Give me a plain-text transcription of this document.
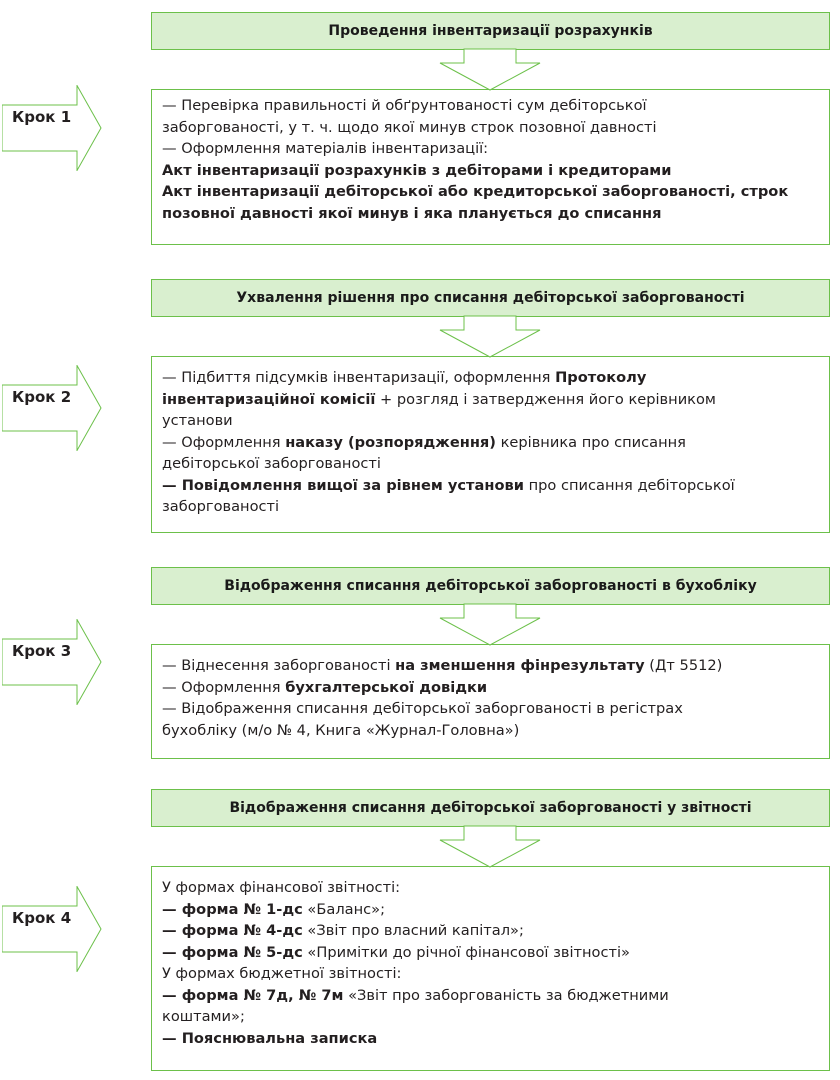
Проведення інвентаризації розрахунків
— Перевірка правильності й обґрунтованості сум дебіторської
заборгованості, у т. ч. щодо якої минув строк позовної давності
— Оформлення матеріалів інвентаризації:
Акт інвентаризації розрахунків з дебіторами і кредиторами
Акт інвентаризації дебіторської або кредиторської заборгованості, строк
позовної давності якої минув і яка планується до списання
Крок 1
Ухвалення рішення про списання дебіторської заборгованості
— Підбиття підсумків інвентаризації, оформлення Протоколу
інвентаризаційної комісії + розгляд і затвердження його керівником
установи
— Оформлення наказу (розпорядження) керівника про списання
дебіторської заборгованості
— Повідомлення вищої за рівнем установи про списання дебіторської
заборгованості
Крок 2
Відображення списання дебіторської заборгованості в бухобліку
— Віднесення заборгованості на зменшення фінрезультату (Дт 5512)
— Оформлення бухгалтерської довідки
— Відображення списання дебіторської заборгованості в регістрах
бухобліку (м/о № 4, Книга «Журнал-Головна»)
Крок 3
Відображення списання дебіторської заборгованості у звітності
У формах фінансової звітності:
— форма № 1-дс «Баланс»;
— форма № 4-дс «Звіт про власний капітал»;
— форма № 5-дс «Примітки до річної фінансової звітності»
У формах бюджетної звітності:
— форма № 7д, № 7м «Звіт про заборгованість за бюджетними
коштами»;
— Пояснювальна записка
Крок 4
